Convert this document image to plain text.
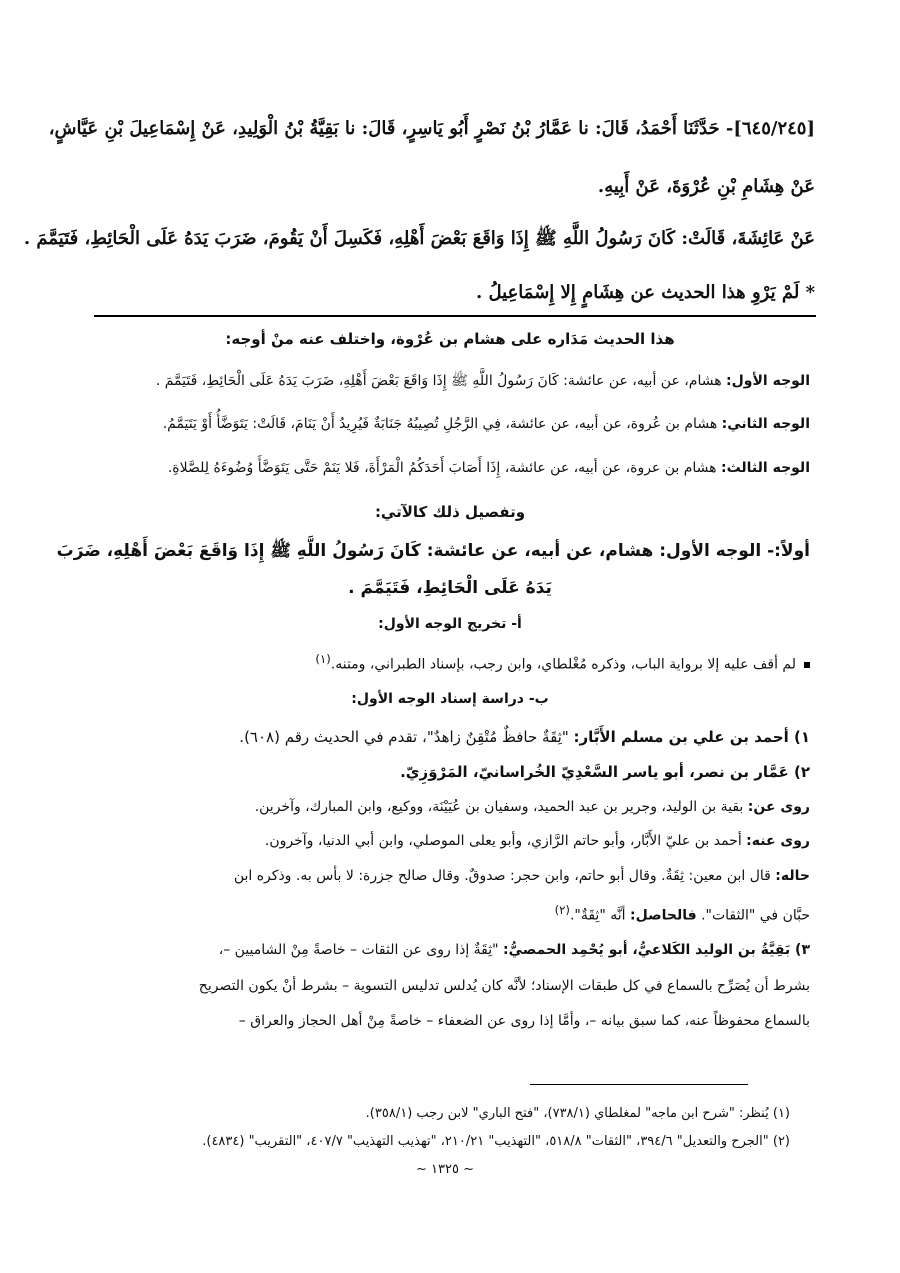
[٦٤٥/٢٤٥]- حَدَّثَنَا أَحْمَدُ، قَالَ: نا عَمَّارُ بْنُ نَصْرٍ أَبُو يَاسِرٍ، قَالَ: نا بَقِيَّةُ بْنُ الْوَلِيدِ، عَنْ إِسْمَاعِيلَ بْنِ عَيَّاشٍ،
عَنْ هِشَامِ بْنِ عُرْوَةَ، عَنْ أَبِيهِ.
عَنْ عَائِشَةَ، قَالَتْ: كَانَ رَسُولُ اللَّهِ ﷺ إِذَا وَاقَعَ بَعْضَ أَهْلِهِ، فَكَسِلَ أَنْ يَقُومَ، ضَرَبَ يَدَهُ عَلَى الْحَائِطِ، فَتَيَمَّمَ .
* لَمْ يَرْوِ هذا الحديث عن هِشَامٍ إِلا إِسْمَاعِيلُ .
هذا الحديث مَدَاره على هشام بن عُرْوة، واختلف عنه منْ أوجه:
الوجه الأول: هشام، عن أبيه، عن عائشة: كَانَ رَسُولُ اللَّهِ ﷺ إِذَا وَاقَعَ بَعْضَ أَهْلِهِ، ضَرَبَ يَدَهُ عَلَى الْحَائِطِ، فَتَيَمَّمَ .
الوجه الثاني: هشام بن عُروة، عن أبيه، عن عائشة، فِي الرَّجُلِ تُصِيبُهُ جَنَابَةٌ فَيُرِيدُ أَنْ يَنَامَ، قَالَتْ: يَتَوَضَّأُ أَوْ يَتَيَمَّمُ.
الوجه الثالث: هشام بن عروة، عن أبيه، عن عائشة، إِذَا أَصَابَ أَحَدَكُمُ الْمَرْأَةَ، فَلا يَنَمْ حَتَّى يَتَوَضَّأَ وُضُوءَهُ لِلصَّلاةِ.
وتفصيل ذلك كالآتي:
أولاً:- الوجه الأول: هشام، عن أبيه، عن عائشة: كَانَ رَسُولُ اللَّهِ ﷺ إِذَا وَاقَعَ بَعْضَ أَهْلِهِ، ضَرَبَ
يَدَهُ عَلَى الْحَائِطِ، فَتَيَمَّمَ .
أ- تخريج الوجه الأول:
لم أقف عليه إلا برواية الباب، وذكره مُغْلطاي، وابن رجب، بإسناد الطبراني، ومتنه.$^{(١)}$
ب- دراسة إسناد الوجه الأول:
١) أحمد بن علي بن مسلم الأَبَّار: "ثِقَةٌ حافظٌ مُتْقِنٌ زاهدٌ"، تقدم في الحديث رقم (٦٠٨).
٢) عَمَّار بن نصر، أبو ياسر السَّعْدِيّ الخُراسانيّ، المَرْوَزِيّ.
روى عن: بقية بن الوليد، وجرير بن عبد الحميد، وسفيان بن عُيَيْنَة، ووكيع، وابن المبارك، وآخرين.
روى عنه: أحمد بن عليّ الأَبَّار، وأبو حاتم الرَّازي، وأبو يعلى الموصلي، وابن أبي الدنيا، وآخرون.
حاله: قال ابن معين: ثِقَةٌ. وقال أبو حاتم، وابن حجر: صدوقٌ. وقال صالح جزرة: لا بأس به. وذكره ابن
حبَّان في "الثقات". فالحاصل: أنَّه "ثِقَةٌ".$^{(٢)}$
٣) بَقِيَّةُ بن الوليد الكَلاعيُّ، أبو يُحْمِد الحمصيُّ: "ثِقَةٌ إذا روى عن الثقات – خاصةً مِنْ الشاميين –،
بشرط أن يُصَرِّح بالسماع في كل طبقات الإسناد؛ لأنَّه كان يُدلس تدليس التسوية – بشرط أنْ يكون التصريح
بالسماع محفوظاً عنه، كما سبق بيانه –، وأمَّا إذا روى عن الضعفاء – خاصةً مِنْ أهل الحجاز والعراق –
(١) يُنظر: "شرح ابن ماجه" لمغلطاي (٧٣٨/١)، "فتح الباري" لابن رجب (٣٥٨/١).
(٢) "الجرح والتعديل" ٣٩٤/٦، "الثقات" ٥١٨/٨، "التهذيب" ٢١٠/٢١، "تهذيب التهذيب" ٤٠٧/٧، "التقريب" (٤٨٣٤).
~ ١٣٢٥ ~
